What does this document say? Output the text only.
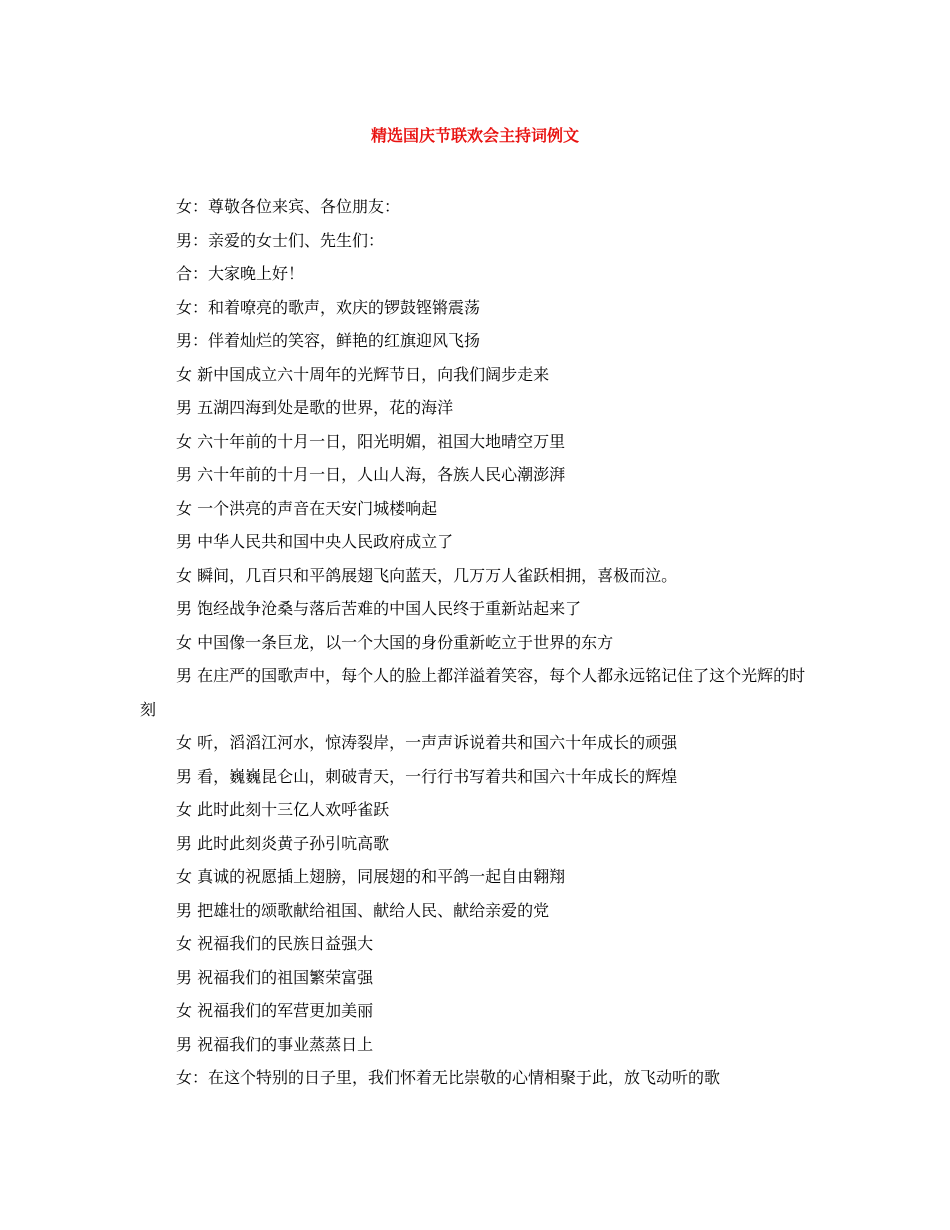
精选国庆节联欢会主持词例文

女：尊敬各位来宾、各位朋友：

男：亲爱的女士们、先生们：

合：大家晚上好！

女：和着嘹亮的歌声，欢庆的锣鼓铿锵震荡

男：伴着灿烂的笑容，鲜艳的红旗迎风飞扬

女 新中国成立六十周年的光辉节日，向我们阔步走来

男 五湖四海到处是歌的世界，花的海洋

女 六十年前的十月一日，阳光明媚，祖国大地晴空万里

男 六十年前的十月一日，人山人海，各族人民心潮澎湃

女 一个洪亮的声音在天安门城楼响起

男 中华人民共和国中央人民政府成立了

女 瞬间，几百只和平鸽展翅飞向蓝天，几万万人雀跃相拥，喜极而泣。

男 饱经战争沧桑与落后苦难的中国人民终于重新站起来了

女 中国像一条巨龙，以一个大国的身份重新屹立于世界的东方

男 在庄严的国歌声中，每个人的脸上都洋溢着笑容，每个人都永远铭记住了这个光辉的时刻

女 听，滔滔江河水，惊涛裂岸，一声声诉说着共和国六十年成长的顽强

男 看，巍巍昆仑山，刺破青天，一行行书写着共和国六十年成长的辉煌

女 此时此刻十三亿人欢呼雀跃

男 此时此刻炎黄子孙引吭高歌

女 真诚的祝愿插上翅膀，同展翅的和平鸽一起自由翱翔

男 把雄壮的颂歌献给祖国、献给人民、献给亲爱的党

女 祝福我们的民族日益强大

男 祝福我们的祖国繁荣富强

女 祝福我们的军营更加美丽

男 祝福我们的事业蒸蒸日上

女：在这个特别的日子里，我们怀着无比崇敬的心情相聚于此，放飞动听的歌
